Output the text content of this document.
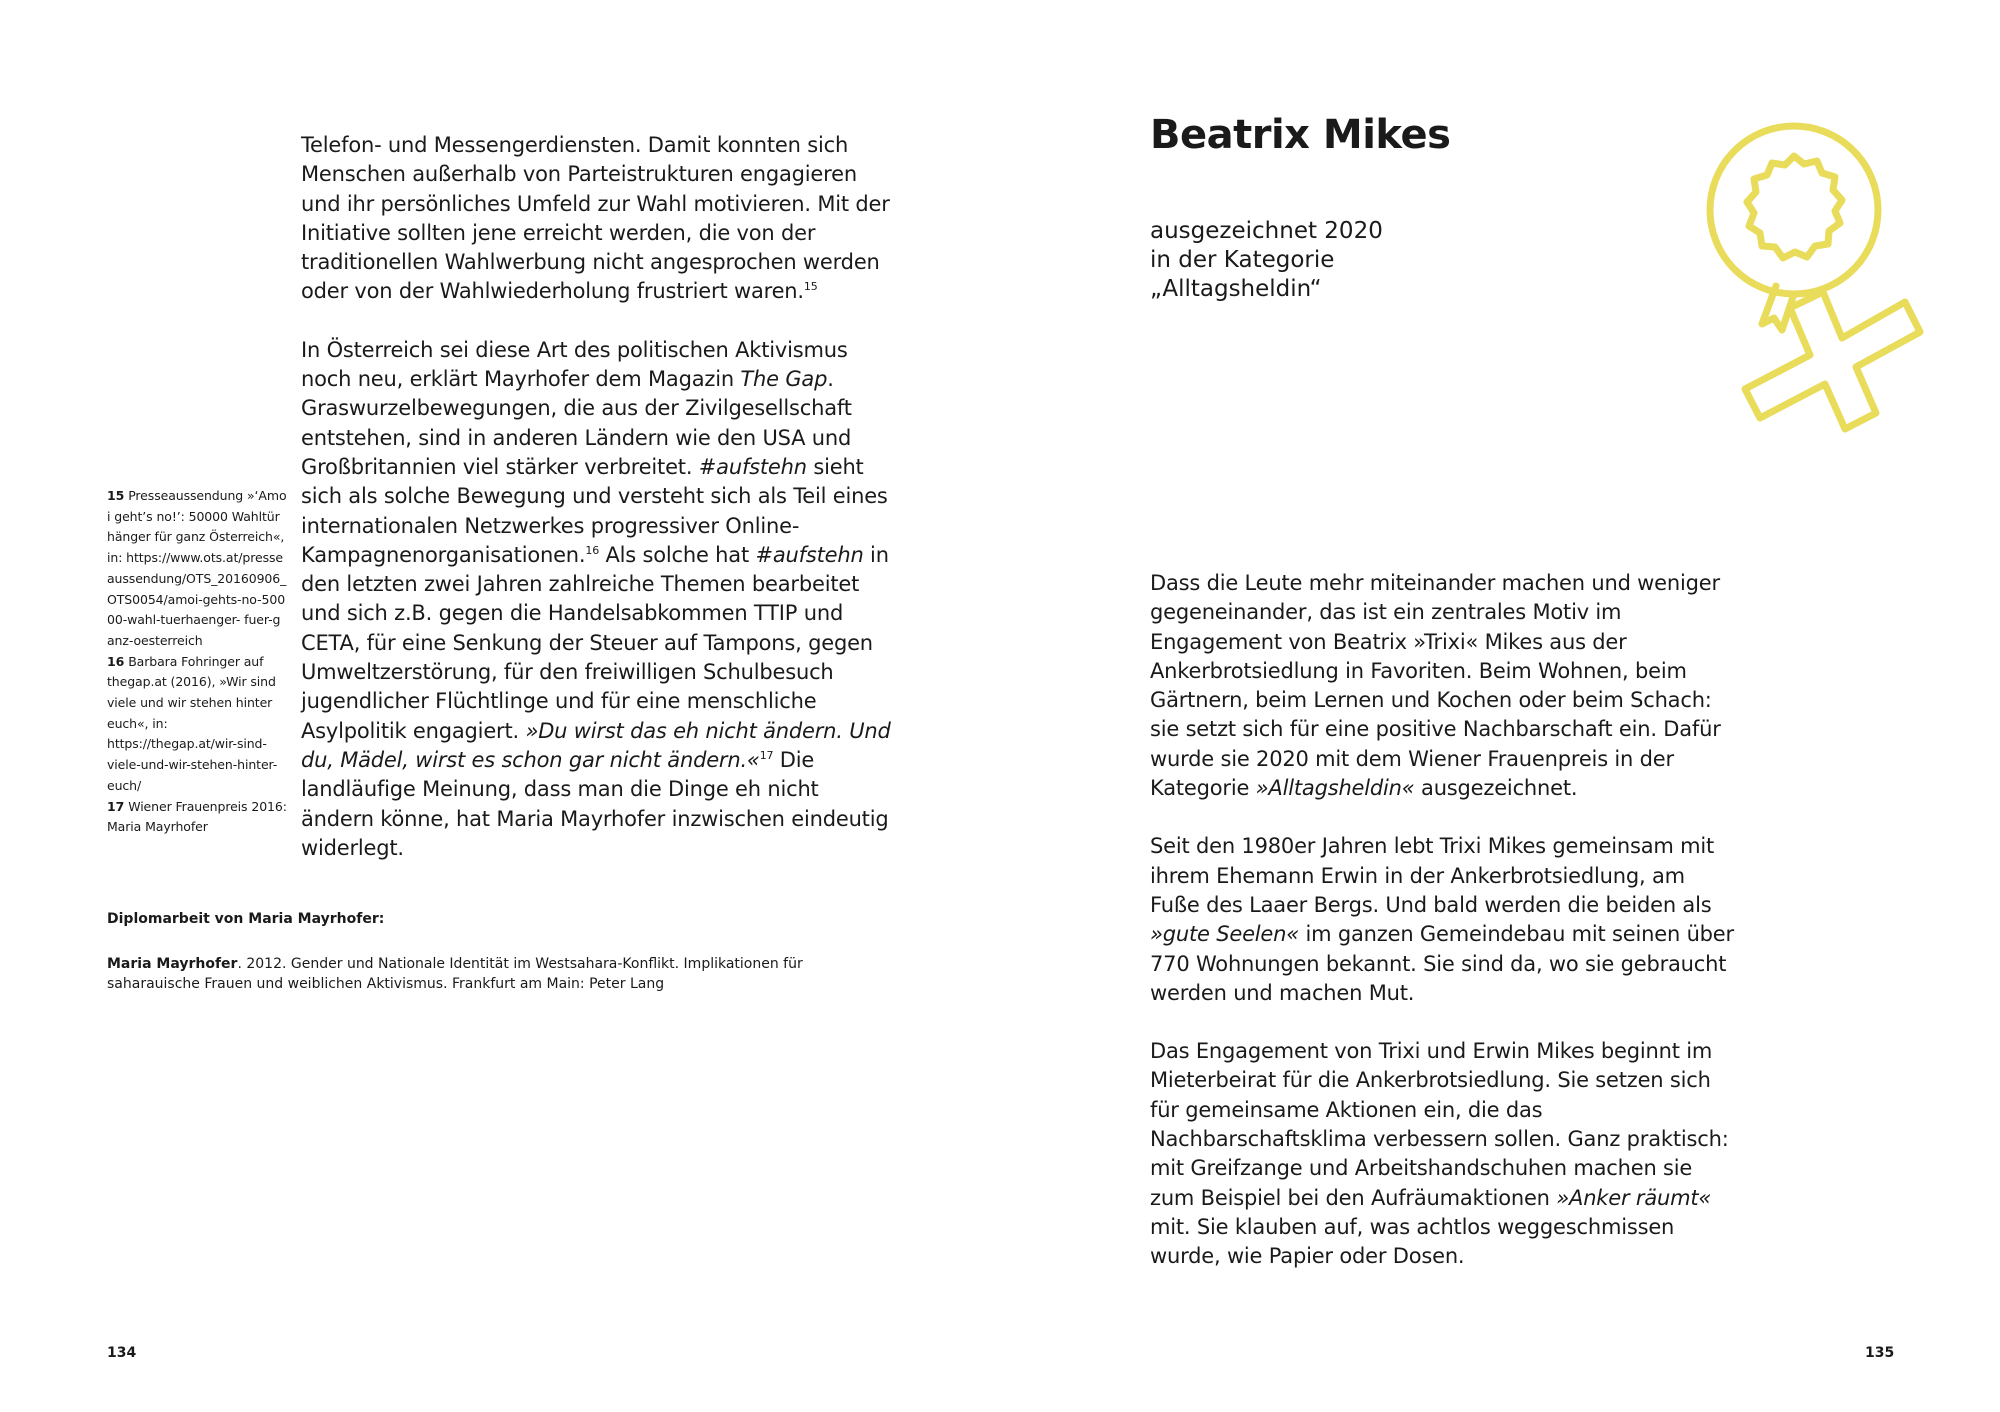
Telefon- und Messengerdiensten. Damit konnten sich Menschen außerhalb von Parteistrukturen engagieren und ihr persönliches Umfeld zur Wahl motivieren. Mit der Initiative sollten jene erreicht werden, die von der traditionellen Wahlwerbung nicht angesprochen werden oder von der Wahlwiederholung frustriert waren.$^{15}$

In Österreich sei diese Art des politischen Aktivismus noch neu, erklärt Mayrhofer dem Magazin The Gap. Graswurzelbewegungen, die aus der Zivilgesellschaft entstehen, sind in anderen Ländern wie den USA und Großbritannien viel stärker verbreitet. #aufstehn sieht sich als solche Bewegung und versteht sich als Teil eines internationalen Netzwerkes progressiver Online-Kampagnenorganisationen.$^{16}$ Als solche hat #aufstehn in den letzten zwei Jahren zahlreiche Themen bearbeitet und sich z.B. gegen die Handelsabkommen TTIP und CETA, für eine Senkung der Steuer auf Tampons, gegen Umweltzerstörung, für den freiwilligen Schulbesuch jugendlicher Flüchtlinge und für eine menschliche Asylpolitik engagiert. »Du wirst das eh nicht ändern. Und du, Mädel, wirst es schon gar nicht ändern.«$^{17}$ Die landläufige Meinung, dass man die Dinge eh nicht ändern könne, hat Maria Mayrhofer inzwischen eindeutig widerlegt.

15 Presseaussendung »‘Amoi geht’s no!’: 50000 Wahltürhänger für ganz Österreich«, in: https://www.ots.at/presseaussendung/OTS_20160906_OTS0054/amoi-gehts-no-50000-wahl-tuerhaenger- fuer-ganz-oesterreich

16 Barbara Fohringer auf thegap.at (2016), »Wir sind viele und wir stehen hinter euch«, in: https://thegap.at/wir-sind-viele-und-wir-stehen-hinter-euch/

17 Wiener Frauenpreis 2016: Maria Mayrhofer

Diplomarbeit von Maria Mayrhofer:
Maria Mayrhofer. 2012. Gender und Nationale Identität im Westsahara-Konflikt. Implikationen für saharauische Frauen und weiblichen Aktivismus. Frankfurt am Main: Peter Lang
134
Beatrix Mikes
ausgezeichnet 2020
in der Kategorie
„Alltagsheldin“

Dass die Leute mehr miteinander machen und weniger gegeneinander, das ist ein zentrales Motiv im Engagement von Beatrix »Trixi« Mikes aus der Ankerbrotsiedlung in Favoriten. Beim Wohnen, beim Gärtnern, beim Lernen und Kochen oder beim Schach: sie setzt sich für eine positive Nachbarschaft ein. Dafür wurde sie 2020 mit dem Wiener Frauenpreis in der Kategorie »Alltagsheldin« ausgezeichnet.

Seit den 1980er Jahren lebt Trixi Mikes gemeinsam mit ihrem Ehemann Erwin in der Ankerbrotsiedlung, am Fuße des Laaer Bergs. Und bald werden die beiden als »gute Seelen« im ganzen Gemeindebau mit seinen über 770 Wohnungen bekannt. Sie sind da, wo sie gebraucht werden und machen Mut.

Das Engagement von Trixi und Erwin Mikes beginnt im Mieterbeirat für die Ankerbrotsiedlung. Sie setzen sich für gemeinsame Aktionen ein, die das Nachbarschaftsklima verbessern sollen. Ganz praktisch: mit Greifzange und Arbeitshandschuhen machen sie zum Beispiel bei den Aufräumaktionen »Anker räumt« mit. Sie klauben auf, was achtlos weggeschmissen wurde, wie Papier oder Dosen.

135
